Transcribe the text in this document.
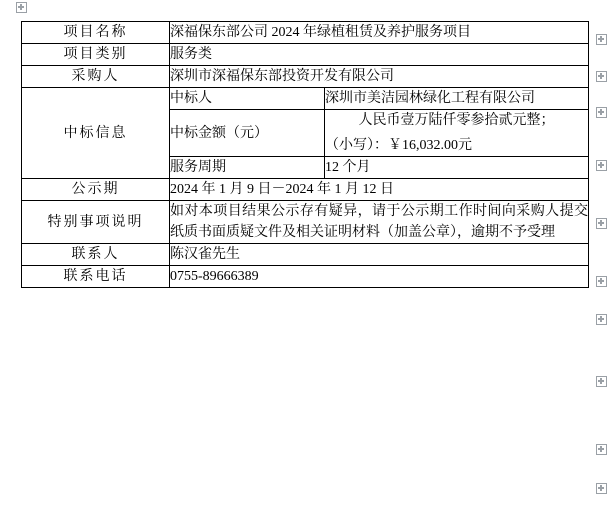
项目名称	深福保东部公司 2024 年绿植租赁及养护服务项目	
项目类别	服务类	
采购人	深圳市深福保东部投资开发有限公司	
中标信息	中标人	深圳市美洁园林绿化工程有限公司
	中标金额（元）	人民币壹万陆仟零参拾贰元整；
（小写）：￥16,032.00元

	服务周期	12 个月
公示期	2024 年 1 月 9 日－2024 年 1 月 12 日	
特别事项说明	如对本项目结果公示存有疑异，请于公示期工作时间向采购人提交纸质书面质疑文件及相关证明材料（加盖公章），逾期不予受理	
联系人	陈汉雀先生	
联系电话	0755-89666389	
